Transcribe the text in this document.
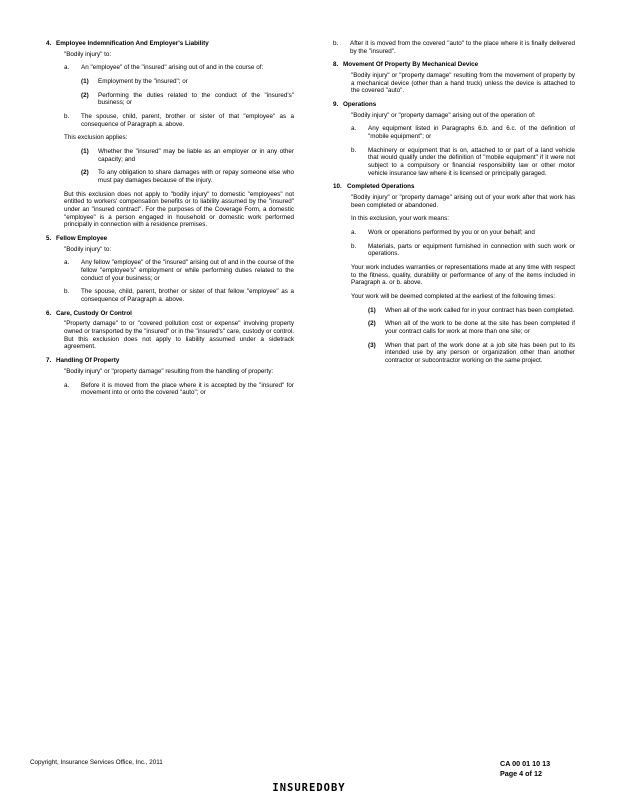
4. Employee Indemnification And Employer's Liability

"Bodily injury" to:

a.	An "employee" of the "insured" arising out of and in the course of:
(1)	Employment by the "insured"; or
(2)	Performing the duties related to the conduct of the "insured's" business; or
b.	The spouse, child, parent, brother or sister of that "employee" as a consequence of Paragraph a. above.

This exclusion applies:

(1)	Whether the "insured" may be liable as an employer or in any other capacity; and
(2)	To any obligation to share damages with or repay someone else who must pay damages because of the injury.

But this exclusion does not apply to "bodily injury" to domestic "employees" not entitled to workers' compensation benefits or to liability assumed by the "insured" under an "insured contract". For the purposes of the Coverage Form, a domestic "employee" is a person engaged in household or domestic work performed principally in connection with a residence premises.

5. Fellow Employee

"Bodily injury" to:

a.	Any fellow "employee" of the "insured" arising out of and in the course of the fellow "employee's" employment or while performing duties related to the conduct of your business; or
b.	The spouse, child, parent, brother or sister of that fellow "employee" as a consequence of Paragraph a. above.
6. Care, Custody Or Control

"Property damage" to or "covered pollution cost or expense" involving property owned or transported by the "insured" or in the "insured's" care, custody or control. But this exclusion does not apply to liability assumed under a sidetrack agreement.

7. Handling Of Property

"Bodily injury" or "property damage" resulting from the handling of property:

a.	Before it is moved from the place where it is accepted by the "insured" for movement into or onto the covered "auto"; or
b.	After it is moved from the covered "auto" to the place where it is finally delivered by the "insured".
8. Movement Of Property By Mechanical Device

"Bodily injury" or "property damage" resulting from the movement of property by a mechanical device (other than a hand truck) unless the device is attached to the covered "auto".

9. Operations

"Bodily injury" or "property damage" arising out of the operation of:

a.	Any equipment listed in Paragraphs 6.b. and 6.c. of the definition of "mobile equipment"; or
b.	Machinery or equipment that is on, attached to or part of a land vehicle that would qualify under the definition of "mobile equipment" if it were not subject to a compulsory or financial responsibility law or other motor vehicle insurance law where it is licensed or principally garaged.
10. Completed Operations

"Bodily injury" or "property damage" arising out of your work after that work has been completed or abandoned.

In this exclusion, your work means:

a.	Work or operations performed by you or on your behalf; and
b.	Materials, parts or equipment furnished in connection with such work or operations.

Your work includes warranties or representations made at any time with respect to the fitness, quality, durability or performance of any of the items included in Paragraph a. or b. above.

Your work will be deemed completed at the earliest of the following times:

(1)	When all of the work called for in your contract has been completed.
(2)	When all of the work to be done at the site has been completed if your contract calls for work at more than one site; or
(3)	When that part of the work done at a job site has been put to its intended use by any person or organization other than another contractor or subcontractor working on the same project.
Copyright, Insurance Services Office, Inc., 2011	CA 00 01 10 13
Page 4 of 12
INSUREDOBY
